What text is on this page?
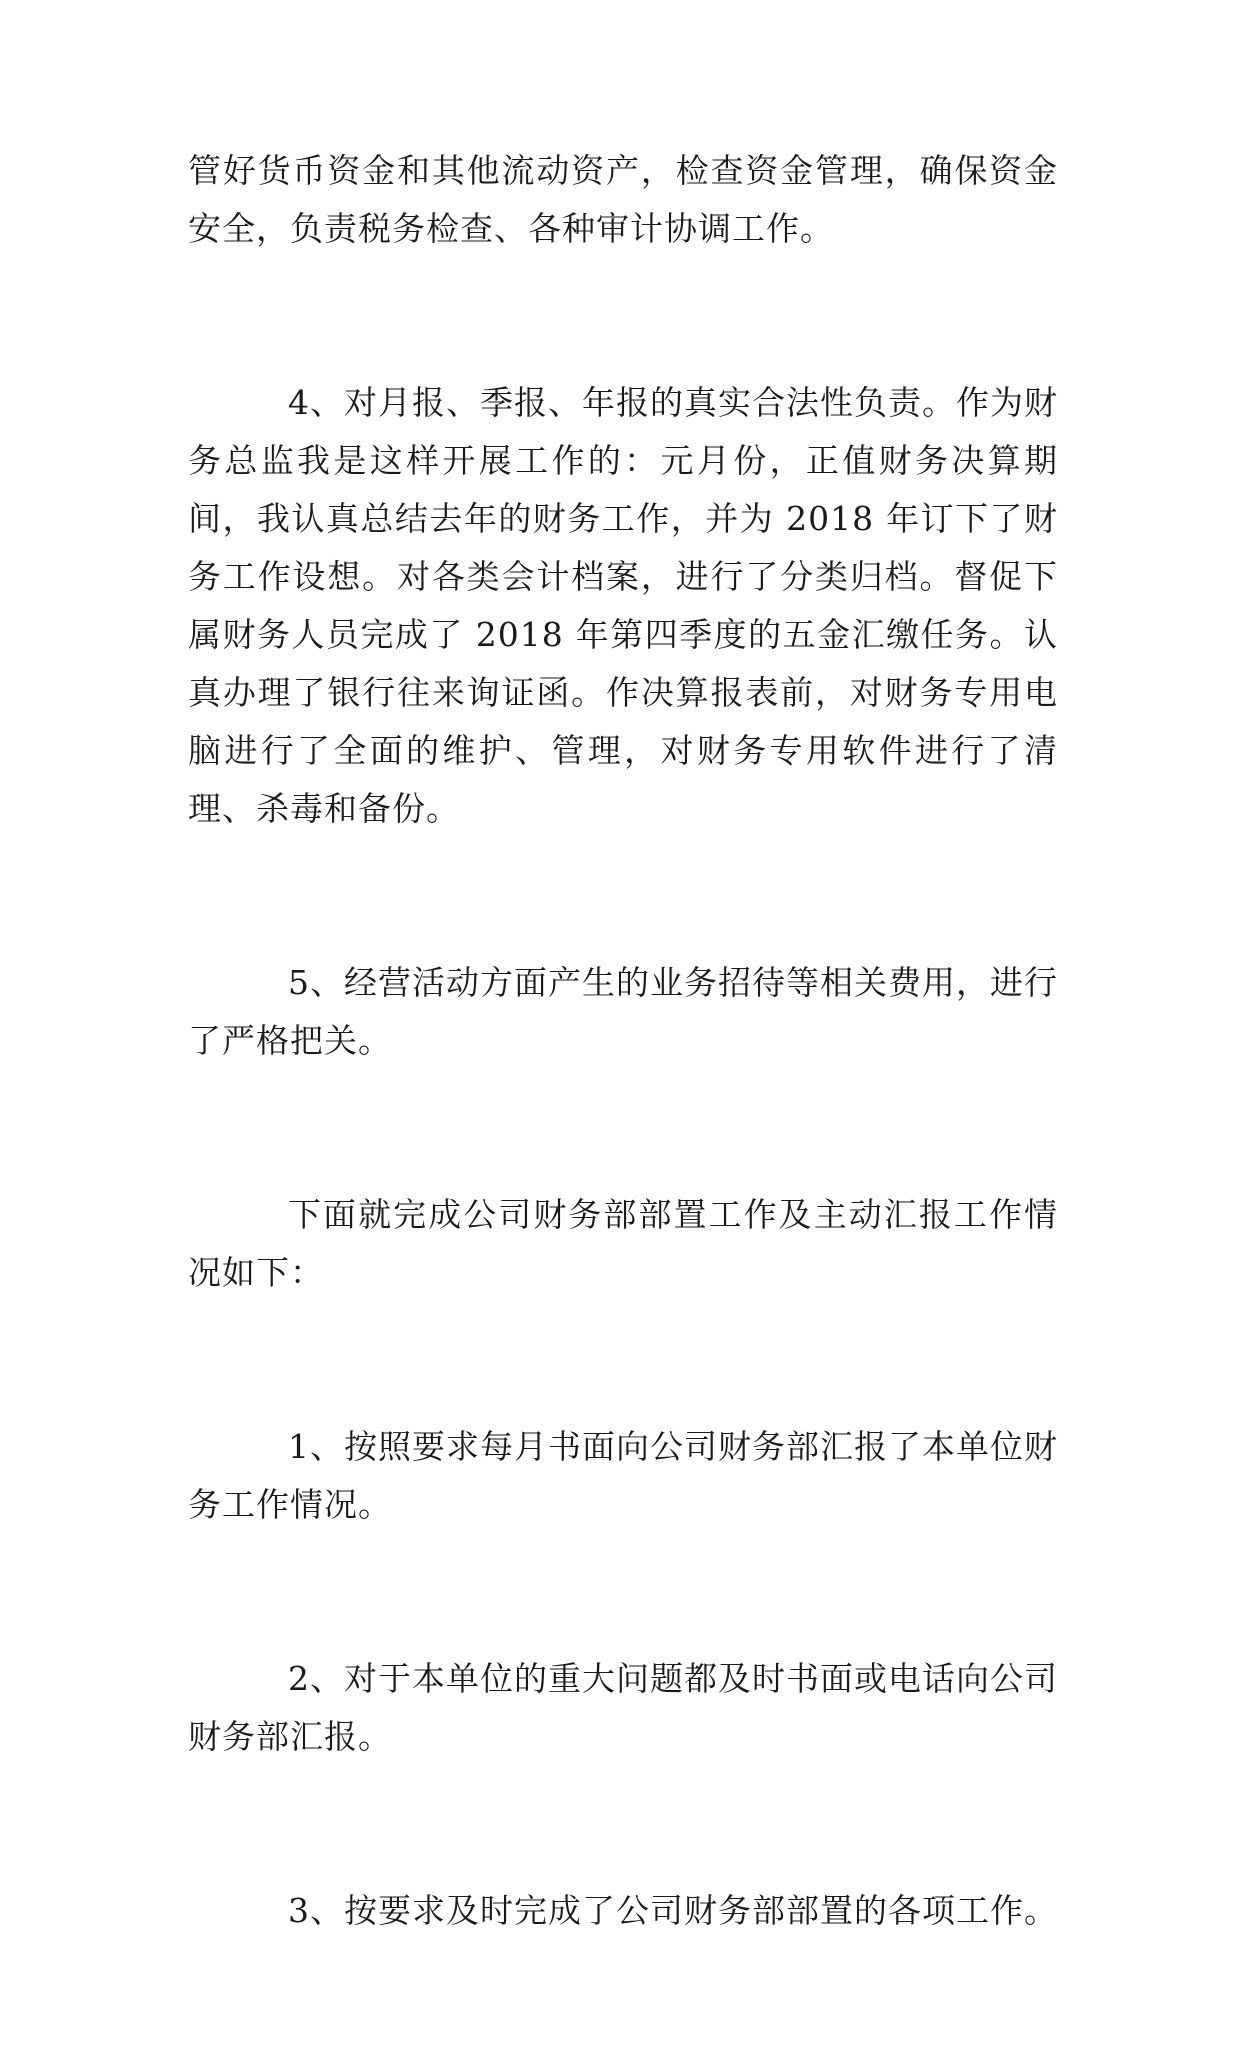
管好货币资金和其他流动资产，检查资金管理，确保资金安全，负责税务检查、各种审计协调工作。

4、对月报、季报、年报的真实合法性负责。作为财务总监我是这样开展工作的：元月份，正值财务决算期间，我认真总结去年的财务工作，并为 2018 年订下了财务工作设想。对各类会计档案，进行了分类归档。督促下属财务人员完成了 2018 年第四季度的五金汇缴任务。认真办理了银行往来询证函。作决算报表前，对财务专用电脑进行了全面的维护、管理，对财务专用软件进行了清理、杀毒和备份。

5、经营活动方面产生的业务招待等相关费用，进行了严格把关。

下面就完成公司财务部部置工作及主动汇报工作情况如下：

1、按照要求每月书面向公司财务部汇报了本单位财务工作情况。

2、对于本单位的重大问题都及时书面或电话向公司财务部汇报。

3、按要求及时完成了公司财务部部置的各项工作。
